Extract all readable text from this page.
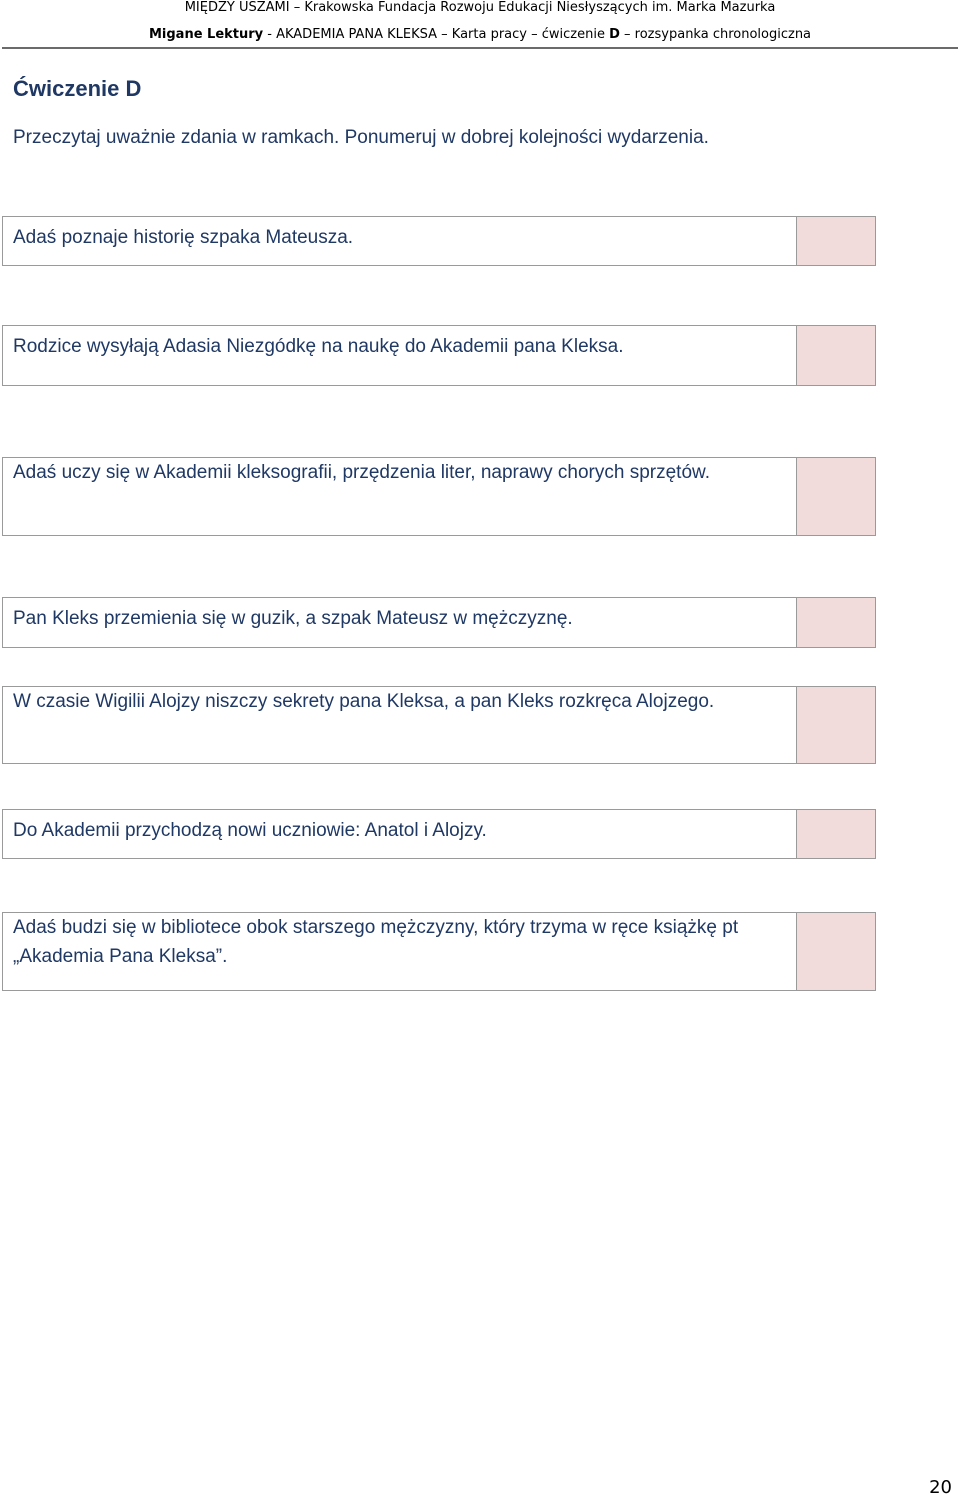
MIĘDZY USZAMI – Krakowska Fundacja Rozwoju Edukacji Niesłyszących im. Marka Mazurka
Migane Lektury - AKADEMIA PANA KLEKSA – Karta pracy – ćwiczenie D – rozsypanka chronologiczna
Ćwiczenie D
Przeczytaj uważnie zdania w ramkach. Ponumeruj w dobrej kolejności wydarzenia.
Adaś poznaje historię szpaka Mateusza.
Rodzice wysyłają Adasia Niezgódkę na naukę do Akademii pana Kleksa.
Adaś uczy się w Akademii kleksografii, przędzenia liter, naprawy chorych sprzętów.
Pan Kleks przemienia się w guzik, a szpak Mateusz w mężczyznę.
W czasie Wigilii Alojzy niszczy sekrety pana Kleksa, a pan Kleks rozkręca Alojzego.
Do Akademii przychodzą nowi uczniowie: Anatol i Alojzy.
Adaś budzi się w bibliotece obok starszego mężczyzny, który trzyma w ręce książkę pt „Akademia Pana Kleksa”.
20
